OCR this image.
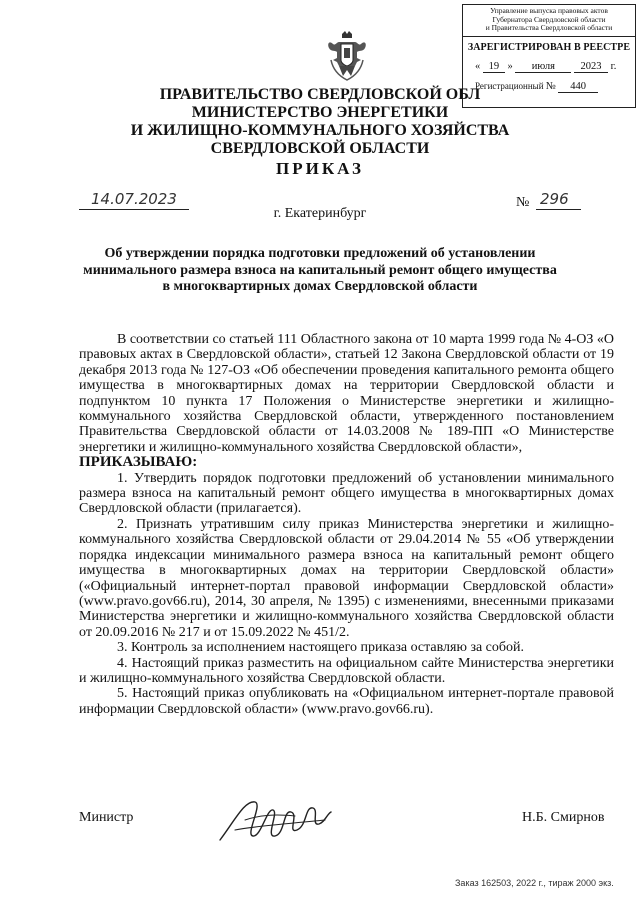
Управление выпуска правовых актов
Губернатора Свердловской области
и Правительства Свердловской области
ЗАРЕГИСТРИРОВАН В РЕЕСТРЕ
« 19 » июля 2023 г.
Регистрационный № 440
ПРАВИТЕЛЬСТВО СВЕРДЛОВСКОЙ ОБЛ
МИНИСТЕРСТВО ЭНЕРГЕТИКИ
И ЖИЛИЩНО-КОММУНАЛЬНОГО ХОЗЯЙСТВА
СВЕРДЛОВСКОЙ ОБЛАСТИ
ПРИКАЗ
14.07.2023	№ 296
г. Екатеринбург
Об утверждении порядка подготовки предложений об установлении минимального размера взноса на капитальный ремонт общего имущества в многоквартирных домах Свердловской области

В соответствии со статьей 111 Областного закона от 10 марта 1999 года № 4-ОЗ «О правовых актах в Свердловской области», статьей 12 Закона Свердловской области от 19 декабря 2013 года № 127-ОЗ «Об обеспечении проведения капитального ремонта общего имущества в многоквартирных домах на территории Свердловской области и подпунктом 10 пункта 17 Положения о Министерстве энергетики и жилищно-коммунального хозяйства Свердловской области, утвержденного постановлением Правительства Свердловской области от 14.03.2008 № 189-ПП «О Министерстве энергетики и жилищно-коммунального хозяйства Свердловской области»,

ПРИКАЗЫВАЮ:

1. Утвердить порядок подготовки предложений об установлении минимального размера взноса на капитальный ремонт общего имущества в многоквартирных домах Свердловской области (прилагается).

2. Признать утратившим силу приказ Министерства энергетики и жилищно-коммунального хозяйства Свердловской области от 29.04.2014 № 55 «Об утверждении порядка индексации минимального размера взноса на капитальный ремонт общего имущества в многоквартирных домах на территории Свердловской области» («Официальный интернет-портал правовой информации Свердловской области» (www.pravo.gov66.ru), 2014, 30 апреля, № 1395) с изменениями, внесенными приказами Министерства энергетики и жилищно-коммунального хозяйства Свердловской области от 20.09.2016 № 217 и от 15.09.2022 № 451/2.

3. Контроль за исполнением настоящего приказа оставляю за собой.

4. Настоящий приказ разместить на официальном сайте Министерства энергетики и жилищно-коммунального хозяйства Свердловской области.

5. Настоящий приказ опубликовать на «Официальном интернет-портале правовой информации Свердловской области» (www.pravo.gov66.ru).

Министр	Н.Б. Смирнов
Заказ 162503, 2022 г., тираж 2000 экз.
